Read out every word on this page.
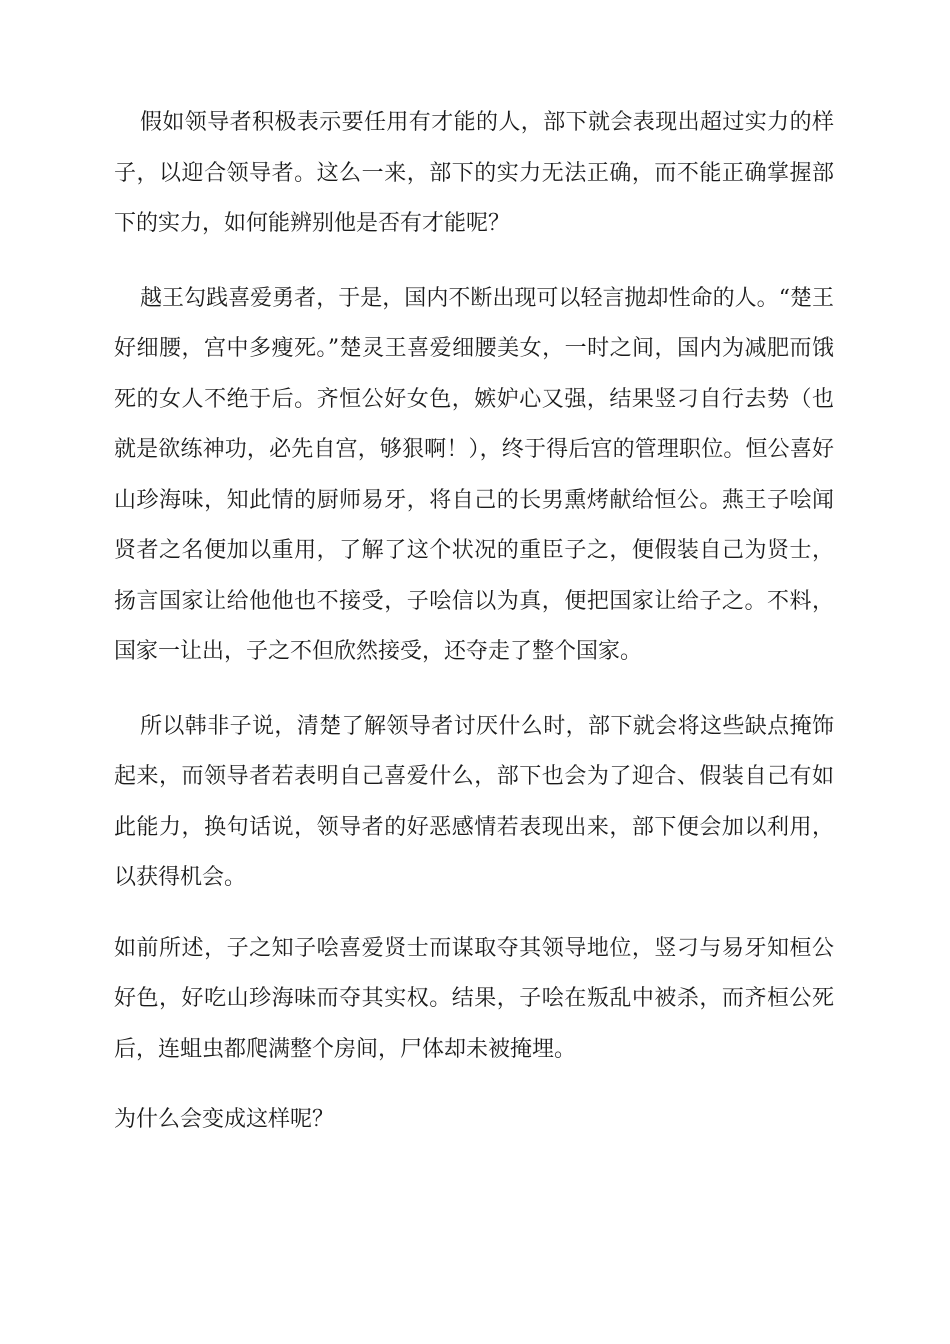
假如领导者积极表示要任用有才能的人，部下就会表现出超过实力的样子，以迎合领导者。这么一来，部下的实力无法正确，而不能正确掌握部下的实力，如何能辨别他是否有才能呢？

越王勾践喜爱勇者，于是，国内不断出现可以轻言抛却性命的人。“楚王好细腰，宫中多瘦死。”楚灵王喜爱细腰美女，一时之间，国内为减肥而饿死的女人不绝于后。齐恒公好女色，嫉妒心又强，结果竖刁自行去势（也就是欲练神功，必先自宫，够狠啊！），终于得后宫的管理职位。恒公喜好山珍海味，知此情的厨师易牙，将自己的长男熏烤献给恒公。燕王子哙闻贤者之名便加以重用，了解了这个状况的重臣子之，便假装自己为贤士，扬言国家让给他他也不接受，子哙信以为真，便把国家让给子之。不料，国家一让出，子之不但欣然接受，还夺走了整个国家。

所以韩非子说，清楚了解领导者讨厌什么时，部下就会将这些缺点掩饰起来，而领导者若表明自己喜爱什么，部下也会为了迎合、假装自己有如此能力，换句话说，领导者的好恶感情若表现出来，部下便会加以利用，以获得机会。

如前所述，子之知子哙喜爱贤士而谋取夺其领导地位，竖刁与易牙知桓公好色，好吃山珍海味而夺其实权。结果，子哙在叛乱中被杀，而齐桓公死后，连蛆虫都爬满整个房间，尸体却未被掩埋。

为什么会变成这样呢？
